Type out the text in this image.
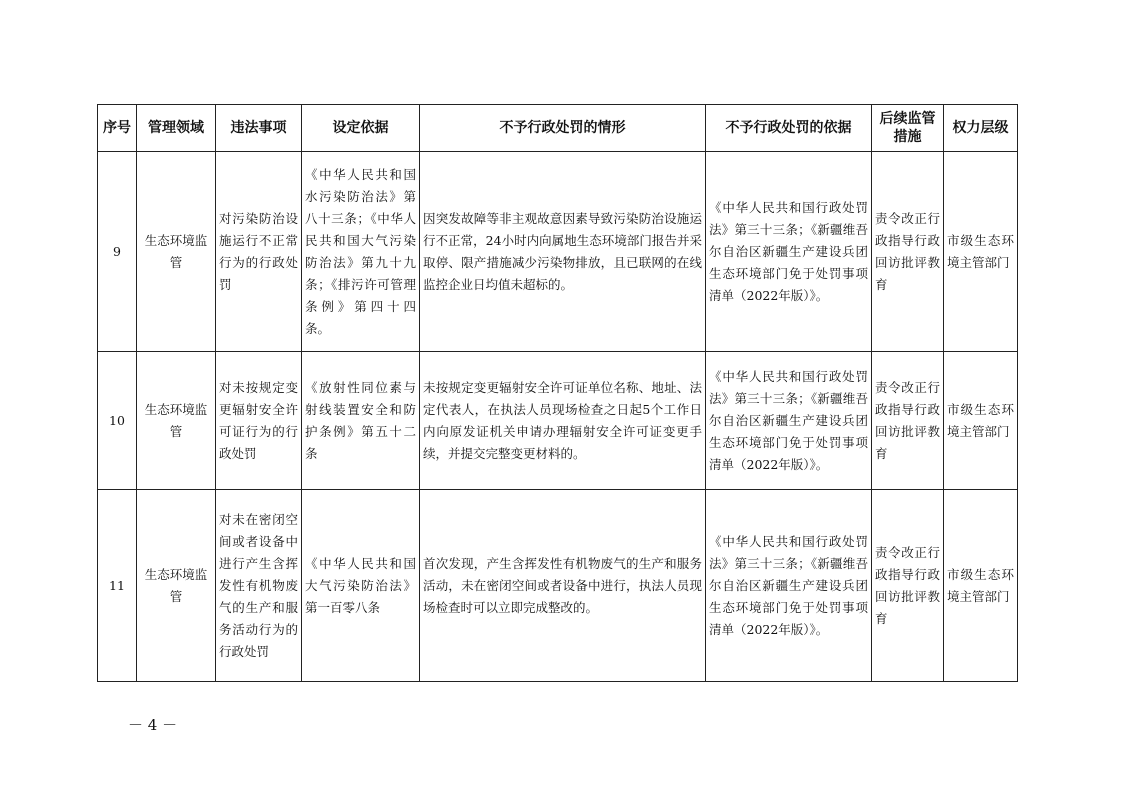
序号	管理领域	违法事项	设定依据	不予行政处罚的情形	不予行政处罚的依据	后续监管措施	权力层级
9	生态环境监管	对污染防治设施运行不正常行为的行政处罚	《中华人民共和国水污染防治法》第八十三条；《中华人民共和国大气污染防治法》第九十九条；《排污许可管理条例》第四十四条。	因突发故障等非主观故意因素导致污染防治设施运行不正常，24小时内向属地生态环境部门报告并采取停、限产措施减少污染物排放，且已联网的在线监控企业日均值未超标的。	《中华人民共和国行政处罚法》第三十三条；《新疆维吾尔自治区新疆生产建设兵团生态环境部门免于处罚事项清单（2022年版）》。	责令改正行政指导行政回访批评教育	市级生态环境主管部门
10	生态环境监管	对未按规定变更辐射安全许可证行为的行政处罚	《放射性同位素与射线装置安全和防护条例》第五十二条	未按规定变更辐射安全许可证单位名称、地址、法定代表人，在执法人员现场检查之日起5个工作日内向原发证机关申请办理辐射安全许可证变更手续，并提交完整变更材料的。	《中华人民共和国行政处罚法》第三十三条；《新疆维吾尔自治区新疆生产建设兵团生态环境部门免于处罚事项清单（2022年版）》。	责令改正行政指导行政回访批评教育	市级生态环境主管部门
11	生态环境监管	对未在密闭空间或者设备中进行产生含挥发性有机物废气的生产和服务活动行为的行政处罚	《中华人民共和国大气污染防治法》第一百零八条	首次发现，产生含挥发性有机物废气的生产和服务活动，未在密闭空间或者设备中进行，执法人员现场检查时可以立即完成整改的。	《中华人民共和国行政处罚法》第三十三条；《新疆维吾尔自治区新疆生产建设兵团生态环境部门免于处罚事项清单（2022年版）》。	责令改正行政指导行政回访批评教育	市级生态环境主管部门
－ 4 －
